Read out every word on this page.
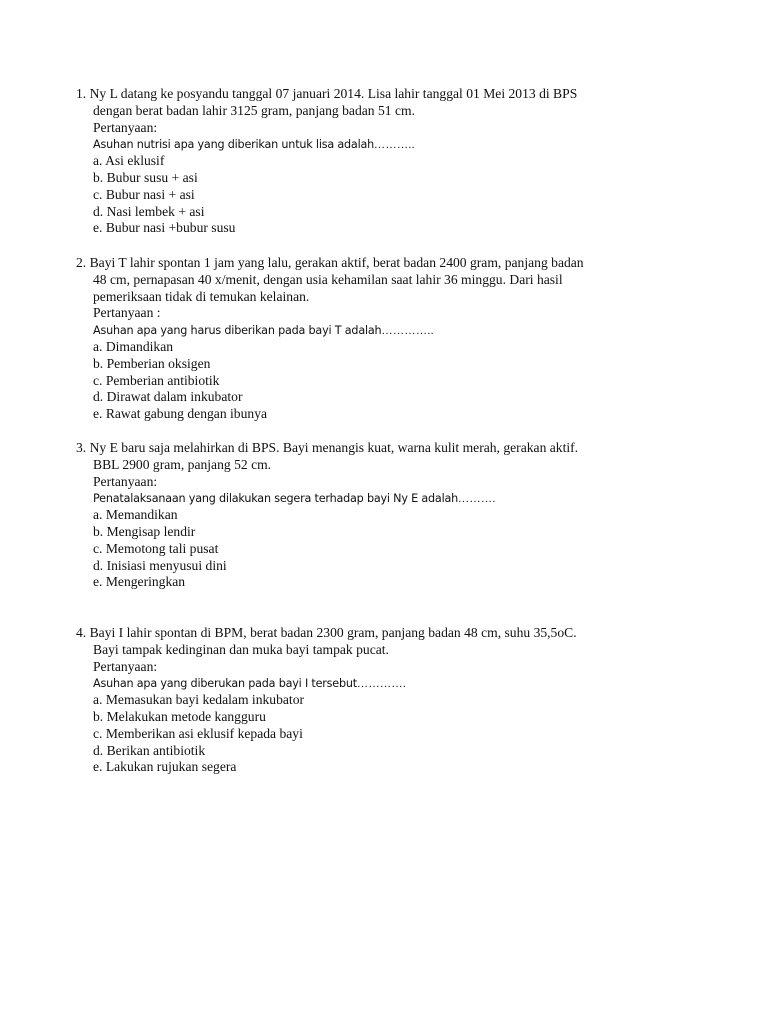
1. Ny L datang ke posyandu tanggal 07 januari 2014. Lisa lahir tanggal 01 Mei 2013 di BPS
dengan berat badan lahir 3125 gram, panjang badan 51 cm.
Pertanyaan:
Asuhan nutrisi apa yang diberikan untuk lisa adalah………..
a. Asi eklusif
b. Bubur susu + asi
c. Bubur nasi + asi
d. Nasi lembek + asi
e. Bubur nasi +bubur susu
2. Bayi T lahir spontan 1 jam yang lalu, gerakan aktif, berat badan 2400 gram, panjang badan
48 cm, pernapasan 40 x/menit, dengan usia kehamilan saat lahir 36 minggu. Dari hasil
pemeriksaan tidak di temukan kelainan.
Pertanyaan :
Asuhan apa yang harus diberikan pada bayi T adalah…………..
a. Dimandikan
b. Pemberian oksigen
c. Pemberian antibiotik
d. Dirawat dalam inkubator
e. Rawat gabung dengan ibunya
3. Ny E baru saja melahirkan di BPS. Bayi menangis kuat, warna kulit merah, gerakan aktif.
BBL 2900 gram, panjang 52 cm.
Pertanyaan:
Penatalaksanaan yang dilakukan segera terhadap bayi Ny E adalah……….
a. Memandikan
b. Mengisap lendir
c. Memotong tali pusat
d. Inisiasi menyusui dini
e. Mengeringkan
4. Bayi I lahir spontan di BPM, berat badan 2300 gram, panjang badan 48 cm, suhu 35,5oC.
Bayi tampak kedinginan dan muka bayi tampak pucat.
Pertanyaan:
Asuhan apa yang diberukan pada bayi I tersebut………….
a. Memasukan bayi kedalam inkubator
b. Melakukan metode kangguru
c. Memberikan asi eklusif kepada bayi
d. Berikan antibiotik
e. Lakukan rujukan segera
